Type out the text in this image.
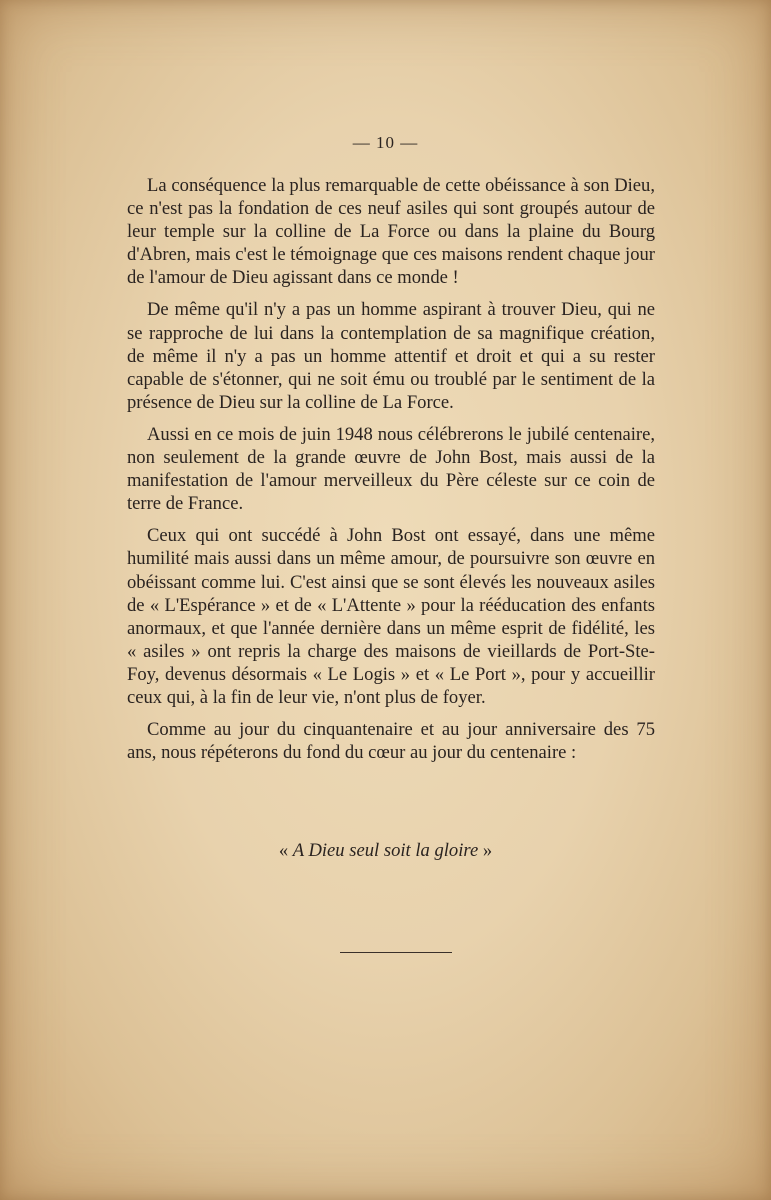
— 10 —

La conséquence la plus remarquable de cette obéissance à son Dieu, ce n'est pas la fondation de ces neuf asiles qui sont groupés autour de leur temple sur la colline de La Force ou dans la plaine du Bourg d'Abren, mais c'est le témoignage que ces maisons rendent chaque jour de l'amour de Dieu agissant dans ce monde !

De même qu'il n'y a pas un homme aspirant à trouver Dieu, qui ne se rapproche de lui dans la contemplation de sa magnifique création, de même il n'y a pas un homme attentif et droit et qui a su rester capable de s'étonner, qui ne soit ému ou troublé par le sentiment de la présence de Dieu sur la colline de La Force.

Aussi en ce mois de juin 1948 nous célébrerons le jubilé centenaire, non seulement de la grande œuvre de John Bost, mais aussi de la manifestation de l'amour merveilleux du Père céleste sur ce coin de terre de France.

Ceux qui ont succédé à John Bost ont essayé, dans une même humilité mais aussi dans un même amour, de poursuivre son œuvre en obéissant comme lui. C'est ainsi que se sont élevés les nouveaux asiles de « L'Espérance » et de « L'Attente » pour la rééducation des enfants anormaux, et que l'année dernière dans un même esprit de fidélité, les « asiles » ont repris la charge des maisons de vieillards de Port-Ste-Foy, devenus désormais « Le Logis » et « Le Port », pour y accueillir ceux qui, à la fin de leur vie, n'ont plus de foyer.

Comme au jour du cinquantenaire et au jour anniversaire des 75 ans, nous répéterons du fond du cœur au jour du centenaire :

« A Dieu seul soit la gloire »
